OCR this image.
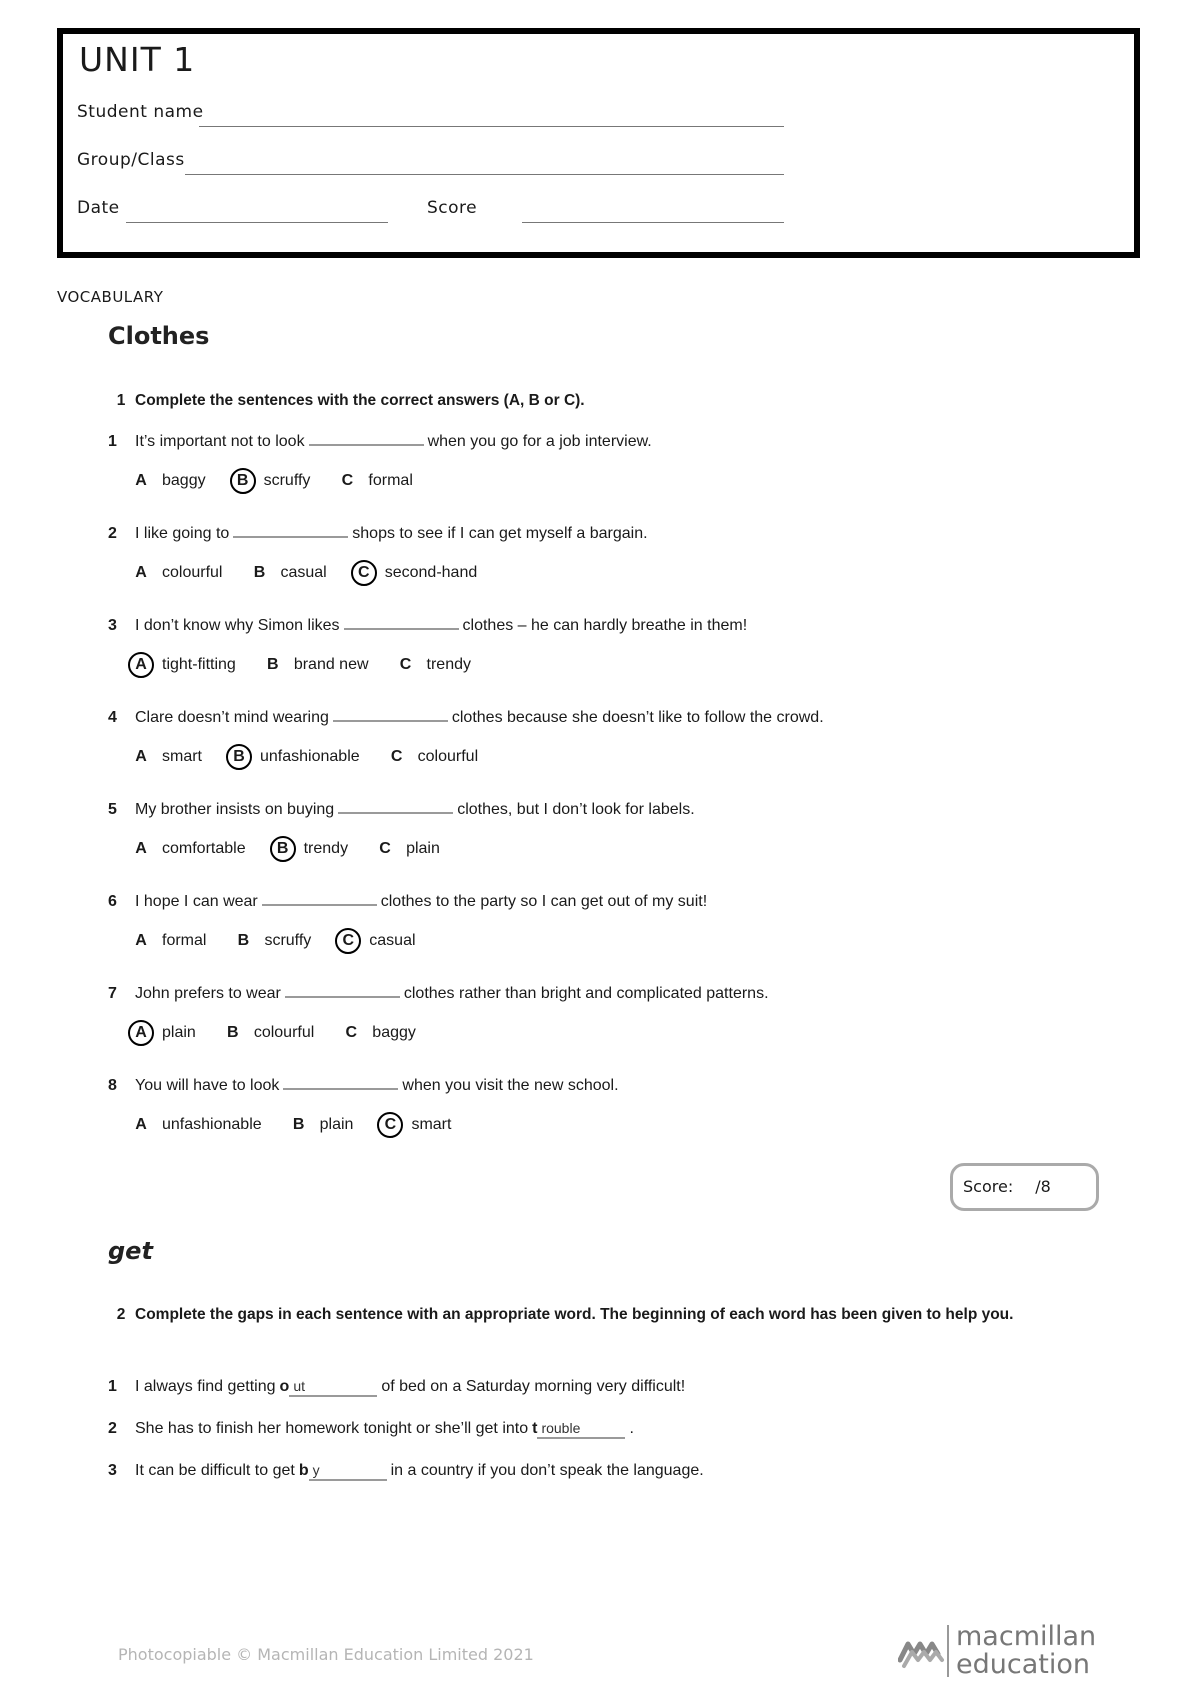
UNIT 1
Student name
Group/Class
Date	Score
VOCABULARY
Clothes
1 Complete the sentences with the correct answers (A, B or C).
1 It’s important not to look	when you go for a job interview.
A baggy B scruffy C formal
2 I like going to	shops to see if I can get myself a bargain.
A colourful B casual C second-hand
3 I don’t know why Simon likes	clothes – he can hardly breathe in them!
A tight-fitting B brand new C trendy
4 Clare doesn’t mind wearing	clothes because she doesn’t like to follow the crowd.
A smart B unfashionable C colourful
5 My brother insists on buying	clothes, but I don’t look for labels.
A comfortable B trendy C plain
6 I hope I can wear	clothes to the party so I can get out of my suit!
A formal B scruffy C casual
7 John prefers to wear	clothes rather than bright and complicated patterns.
A plain B colourful C baggy
8 You will have to look	when you visit the new school.
A unfashionable B plain C smart
Score: /8
get
2 Complete the gaps in each sentence with an appropriate word. The beginning of each word has been given to help you.
1 I always find getting o ut	of bed on a Saturday morning very difficult!
2 She has to finish her homework tonight or she’ll get into t rouble	.
3 It can be difficult to get b y	in a country if you don’t speak the language.
Photocopiable © Macmillan Education Limited 2021
macmillan
education
